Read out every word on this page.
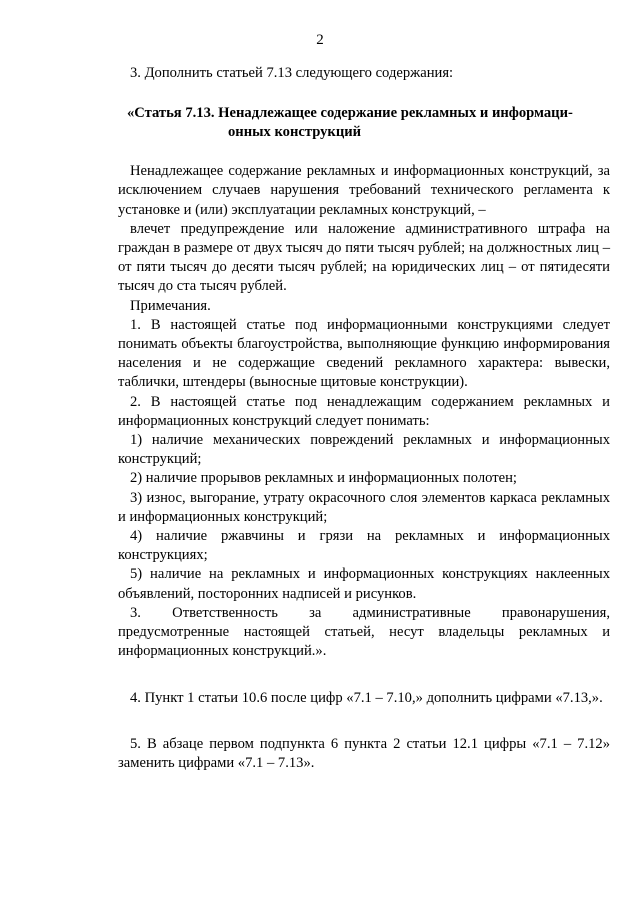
2

3. Дополнить статьей 7.13 следующего содержания:

«Статья 7.13. Ненадлежащее содержание рекламных и информаци-
онных конструкций

Ненадлежащее содержание рекламных и информационных конструкций, за исключением случаев нарушения требований технического регламента к установке и (или) эксплуатации рекламных конструкций, –

влечет предупреждение или наложение административного штрафа на граждан в размере от двух тысяч до пяти тысяч рублей; на должностных лиц – от пяти тысяч до десяти тысяч рублей; на юридических лиц – от пятидесяти тысяч до ста тысяч рублей.

Примечания.

1. В настоящей статье под информационными конструкциями следует понимать объекты благоустройства, выполняющие функцию информирования населения и не содержащие сведений рекламного характера: вывески, таблички, штендеры (выносные щитовые конструкции).

2. В настоящей статье под ненадлежащим содержанием рекламных и информационных конструкций следует понимать:

1) наличие механических повреждений рекламных и информационных конструкций;

2) наличие прорывов рекламных и информационных полотен;

3) износ, выгорание, утрату окрасочного слоя элементов каркаса рекламных и информационных конструкций;

4) наличие ржавчины и грязи на рекламных и информационных конструкциях;

5) наличие на рекламных и информационных конструкциях наклеенных объявлений, посторонних надписей и рисунков.

3. Ответственность за административные правонарушения, предусмотренные настоящей статьей, несут владельцы рекламных и информационных конструкций.».

4. Пункт 1 статьи 10.6 после цифр «7.1 – 7.10,» дополнить цифрами «7.13,».

5. В абзаце первом подпункта 6 пункта 2 статьи 12.1 цифры «7.1 – 7.12» заменить цифрами «7.1 – 7.13».
